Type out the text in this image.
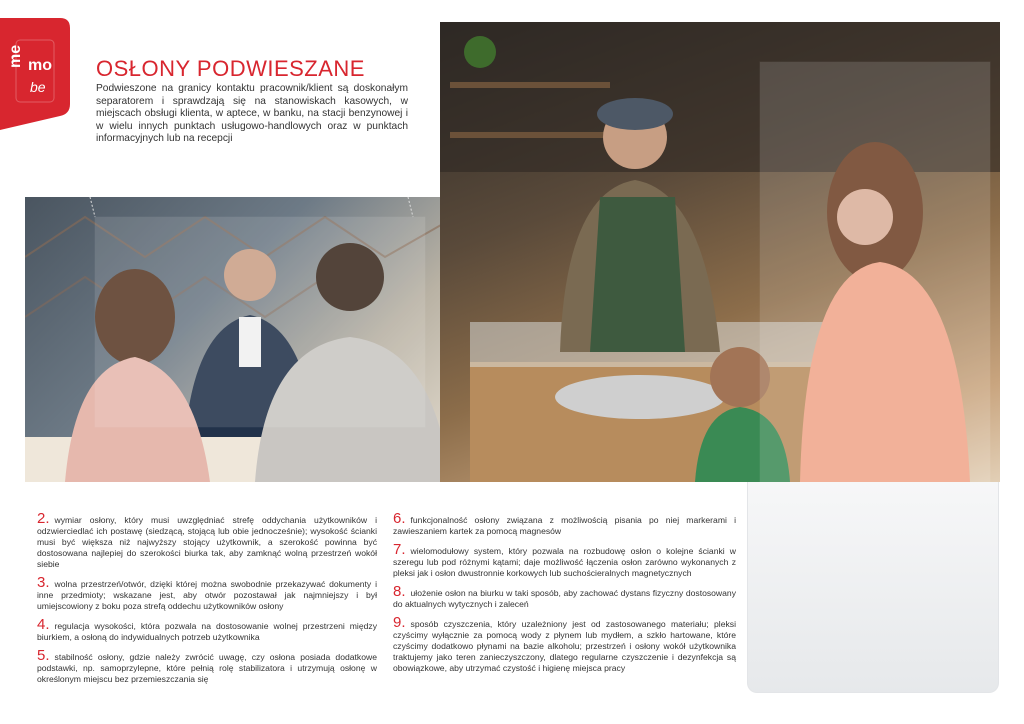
me mo
be
OSŁONY PODWIESZANE

Podwieszone na granicy kontaktu pracownik/klient są doskonałym separatorem i sprawdzają się na stanowiskach kasowych, w miejscach obsługi klienta, w aptece, w banku, na stacji benzynowej i w wielu innych punktach usługowo-handlowych oraz w punktach informacyjnych lub na recepcji

2. wymiar osłony, który musi uwzględniać strefę oddychania użytkowników i odzwierciedlać ich postawę (siedzącą, stojącą lub obie jednocześnie); wysokość ścianki musi być większa niż najwyższy stojący użytkownik, a szerokość powinna być dostosowana najlepiej do szerokości biurka tak, aby zamknąć wolną przestrzeń wokół siebie
3. wolna przestrzeń/otwór, dzięki której można swobodnie przekazywać dokumenty i inne przedmioty; wskazane jest, aby otwór pozostawał jak najmniejszy i był umiejscowiony z boku poza strefą oddechu użytkowników osłony
4. regulacja wysokości, która pozwala na dostosowanie wolnej przestrzeni między biurkiem, a osłoną do indywidualnych potrzeb użytkownika
5. stabilność osłony, gdzie należy zwrócić uwagę, czy osłona posiada dodatkowe podstawki, np. samoprzylepne, które pełnią rolę stabilizatora i utrzymują osłonę w określonym miejscu bez przemieszczania się
6. funkcjonalność osłony związana z możliwością pisania po niej markerami i zawieszaniem kartek za pomocą magnesów
7. wielomodułowy system, który pozwala na rozbudowę osłon o kolejne ścianki w szeregu lub pod różnymi kątami; daje możliwość łączenia osłon zarówno wykonanych z pleksi jak i osłon dwustronnie korkowych lub suchościeralnych magnetycznych
8. ułożenie osłon na biurku w taki sposób, aby zachować dystans fizyczny dostosowany do aktualnych wytycznych i zaleceń
9. sposób czyszczenia, który uzależniony jest od zastosowanego materiału; pleksi czyścimy wyłącznie za pomocą wody z płynem lub mydłem, a szkło hartowane, które czyścimy dodatkowo płynami na bazie alkoholu; przestrzeń i osłony wokół użytkownika traktujemy jako teren zanieczyszczony, dlatego regularne czyszczenie i dezynfekcja są obowiązkowe, aby utrzymać czystość i higienę miejsca pracy
